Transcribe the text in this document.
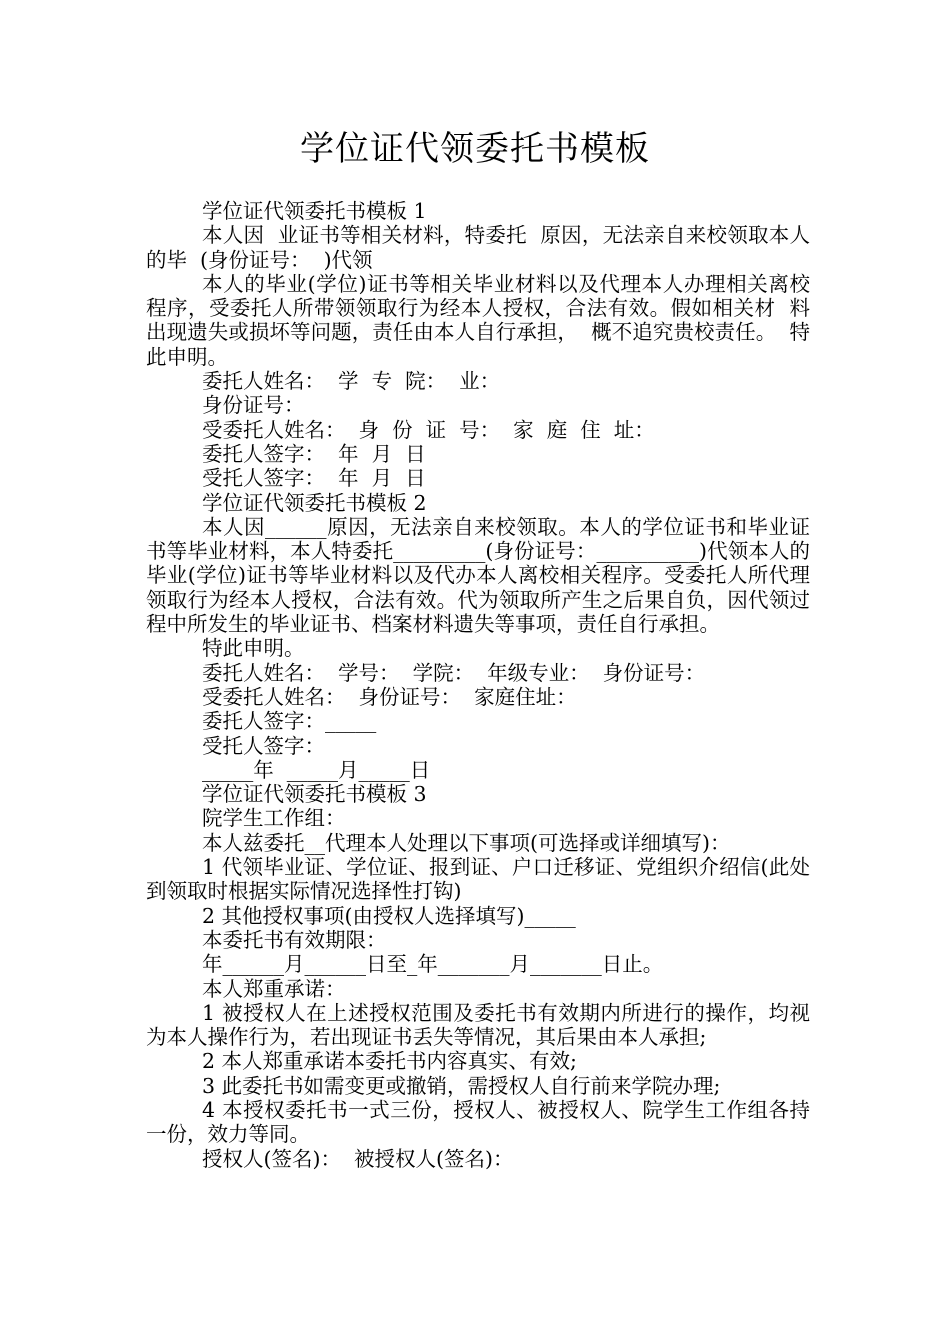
学位证代领委托书模板

学位证代领委托书模板 1

本人因  业证书等相关材料，特委托  原因，无法亲自来校领取本人的毕  (身份证号：  )代领

本人的毕业(学位)证书等相关毕业材料以及代理本人办理相关离校  程序，受委托人所带领领取行为经本人授权，合法有效。假如相关材  料出现遗失或损坏等问题，责任由本人自行承担，  概不追究贵校责任。  特此申明。

委托人姓名：  学  专  院：  业：

身份证号：

受委托人姓名：  身  份  证  号：  家  庭  住  址：

委托人签字：  年  月  日

受托人签字：  年  月  日

学位证代领委托书模板 2

本人因______原因，无法亲自来校领取。本人的学位证书和毕业证书等毕业材料，本人特委托_________(身份证号：__________)代领本人的毕业(学位)证书等毕业材料以及代办本人离校相关程序。受委托人所代理领取行为经本人授权，合法有效。代为领取所产生之后果自负，因代领过程中所发生的毕业证书、档案材料遗失等事项，责任自行承担。

特此申明。

委托人姓名：  学号：  学院：  年级专业：  身份证号：

受委托人姓名：  身份证号：  家庭住址：

委托人签字：_____

受托人签字：

_____年  _____月_____日

学位证代领委托书模板 3

院学生工作组：

本人兹委托__代理本人处理以下事项(可选择或详细填写)：

1 代领毕业证、学位证、报到证、户口迁移证、党组织介绍信(此处到领取时根据实际情况选择性打钩)

2 其他授权事项(由授权人选择填写)_____

本委托书有效期限：

年______月______日至_年_______月_______日止。

本人郑重承诺：

1 被授权人在上述授权范围及委托书有效期内所进行的操作，均视为本人操作行为，若出现证书丢失等情况，其后果由本人承担;

2 本人郑重承诺本委托书内容真实、有效;

3 此委托书如需变更或撤销，需授权人自行前来学院办理;

4 本授权委托书一式三份，授权人、被授权人、院学生工作组各持一份，效力等同。

授权人(签名)：  被授权人(签名)：
